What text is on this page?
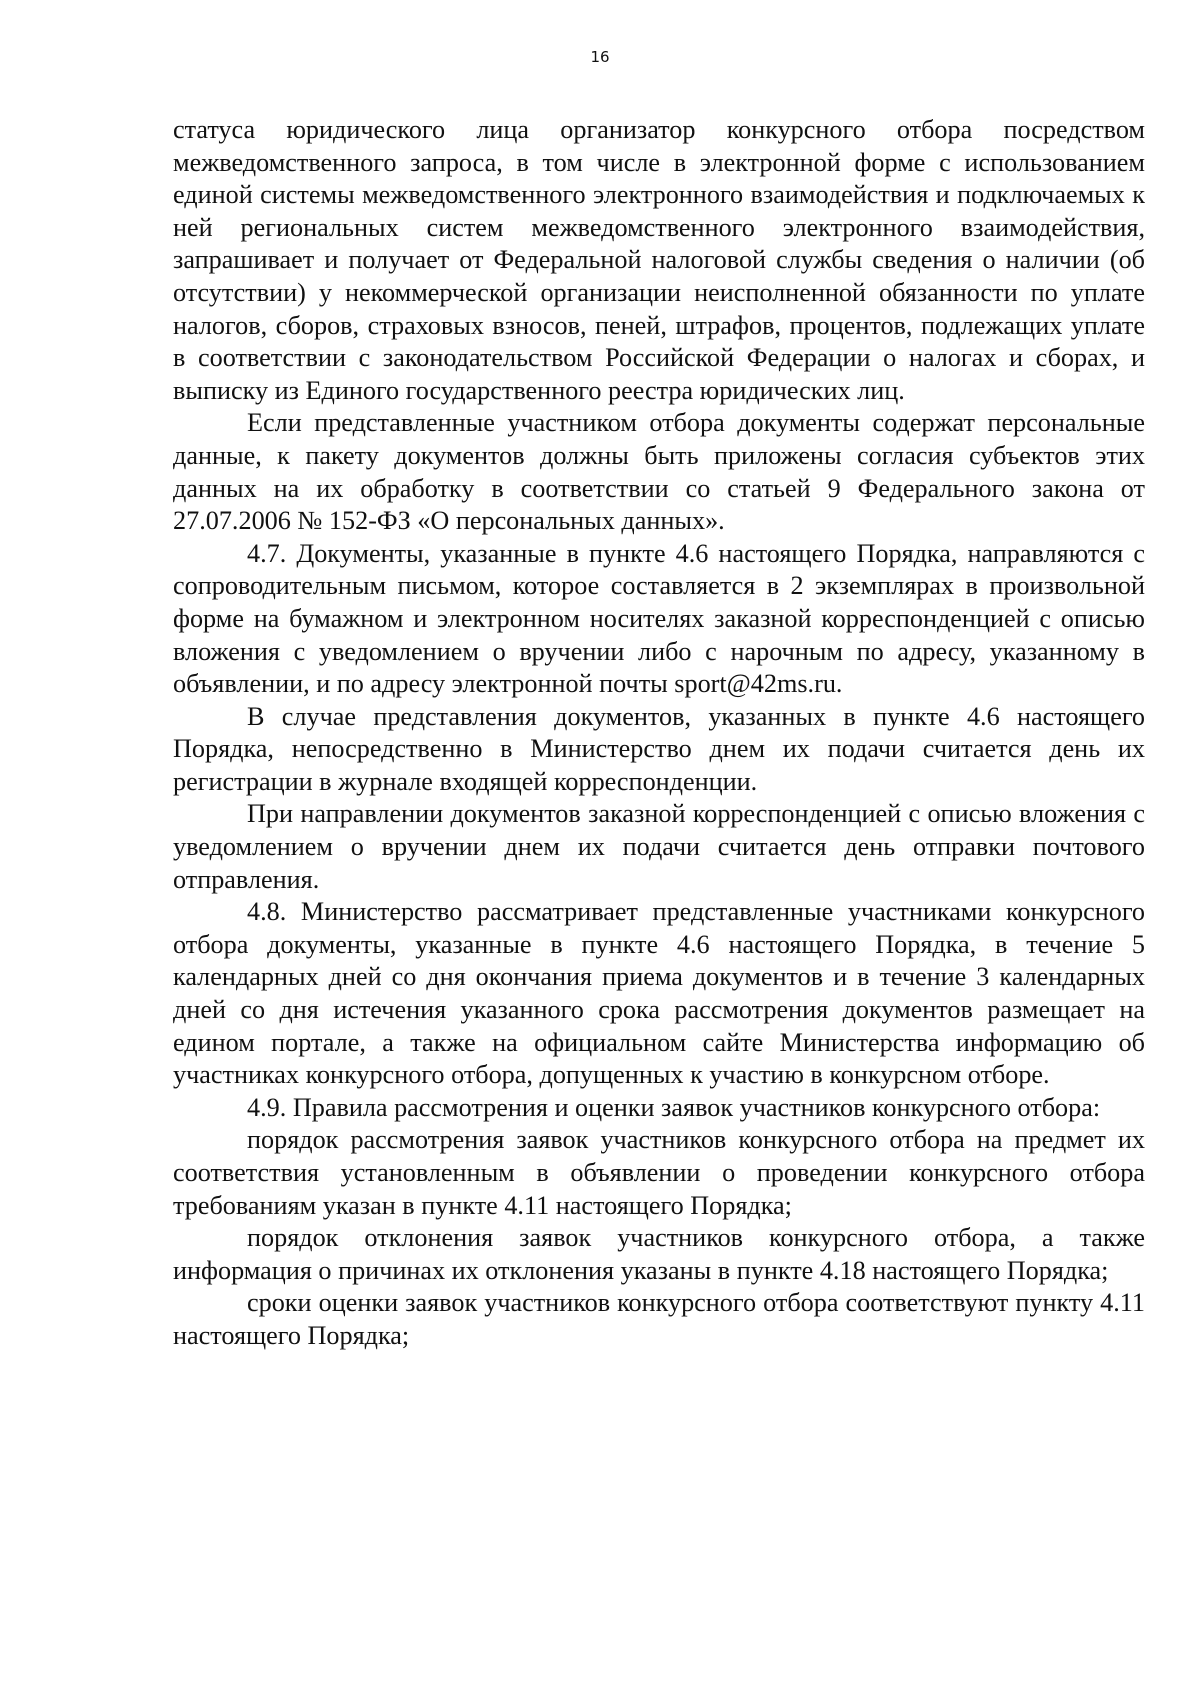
16

статуса юридического лица организатор конкурсного отбора посредством межведомственного запроса, в том числе в электронной форме с использованием единой системы межведомственного электронного взаимодействия и подключаемых к ней региональных систем межведомственного электронного взаимодействия, запрашивает и получает от Федеральной налоговой службы сведения о наличии (об отсутствии) у некоммерческой организации неисполненной обязанности по уплате налогов, сборов, страховых взносов, пеней, штрафов, процентов, подлежащих уплате в соответствии с законодательством Российской Федерации о налогах и сборах, и выписку из Единого государственного реестра юридических лиц.

Если представленные участником отбора документы содержат персональные данные, к пакету документов должны быть приложены согласия субъектов этих данных на их обработку в соответствии со статьей 9 Федерального закона от 27.07.2006 № 152-ФЗ «О персональных данных».

4.7. Документы, указанные в пункте 4.6 настоящего Порядка, направляются с сопроводительным письмом, которое составляется в 2 экземплярах в произвольной форме на бумажном и электронном носителях заказной корреспонденцией с описью вложения с уведомлением о вручении либо с нарочным по адресу, указанному в объявлении, и по адресу электронной почты sport@42ms.ru.

В случае представления документов, указанных в пункте 4.6 настоящего Порядка, непосредственно в Министерство днем их подачи считается день их регистрации в журнале входящей корреспонденции.

При направлении документов заказной корреспонденцией с описью вложения с уведомлением о вручении днем их подачи считается день отправки почтового отправления.

4.8. Министерство рассматривает представленные участниками конкурсного отбора документы, указанные в пункте 4.6 настоящего Порядка, в течение 5 календарных дней со дня окончания приема документов и в течение 3 календарных дней со дня истечения указанного срока рассмотрения документов размещает на едином портале, а также на официальном сайте Министерства информацию об участниках конкурсного отбора, допущенных к участию в конкурсном отборе.

4.9. Правила рассмотрения и оценки заявок участников конкурсного отбора:

порядок рассмотрения заявок участников конкурсного отбора на предмет их соответствия установленным в объявлении о проведении конкурсного отбора требованиям указан в пункте 4.11 настоящего Порядка;

порядок отклонения заявок участников конкурсного отбора, а также информация о причинах их отклонения указаны в пункте 4.18 настоящего Порядка;

сроки оценки заявок участников конкурсного отбора соответствуют пункту 4.11 настоящего Порядка;
